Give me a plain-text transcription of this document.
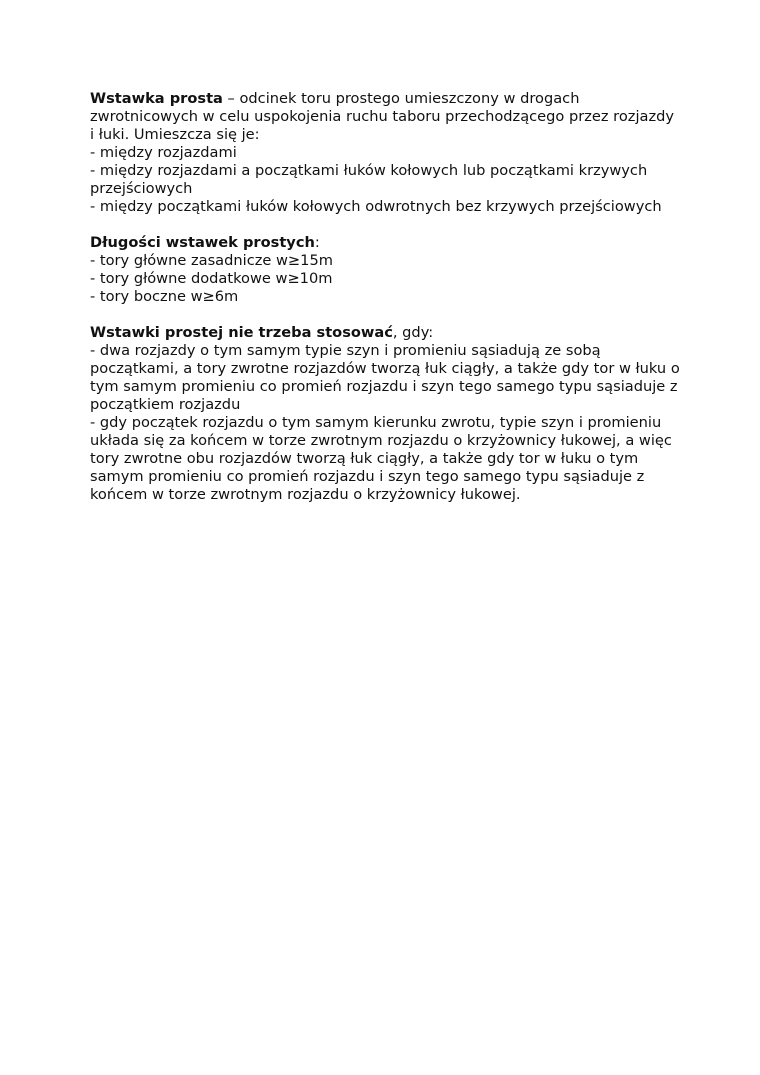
Wstawka prosta – odcinek toru prostego umieszczony w drogach zwrotnicowych w celu uspokojenia ruchu taboru przechodzącego przez rozjazdy i łuki. Umieszcza się je:
- między rozjazdami
- między rozjazdami a początkami łuków kołowych lub początkami krzywych przejściowych
- między początkami łuków kołowych odwrotnych bez krzywych przejściowych
Długości wstawek prostych:
- tory główne zasadnicze w≥15m
- tory główne dodatkowe w≥10m
- tory boczne w≥6m
Wstawki prostej nie trzeba stosować, gdy:
- dwa rozjazdy o tym samym typie szyn i promieniu sąsiadują ze sobą początkami, a tory zwrotne rozjazdów tworzą łuk ciągły, a także gdy tor w łuku o tym samym promieniu co promień rozjazdu i szyn tego samego typu sąsiaduje z początkiem rozjazdu
- gdy początek rozjazdu o tym samym kierunku zwrotu, typie szyn i promieniu układa się za końcem w torze zwrotnym rozjazdu o krzyżownicy łukowej, a więc tory zwrotne obu rozjazdów tworzą łuk ciągły, a także gdy tor w łuku o tym samym promieniu co promień rozjazdu i szyn tego samego typu sąsiaduje z końcem w torze zwrotnym rozjazdu o krzyżownicy łukowej.
